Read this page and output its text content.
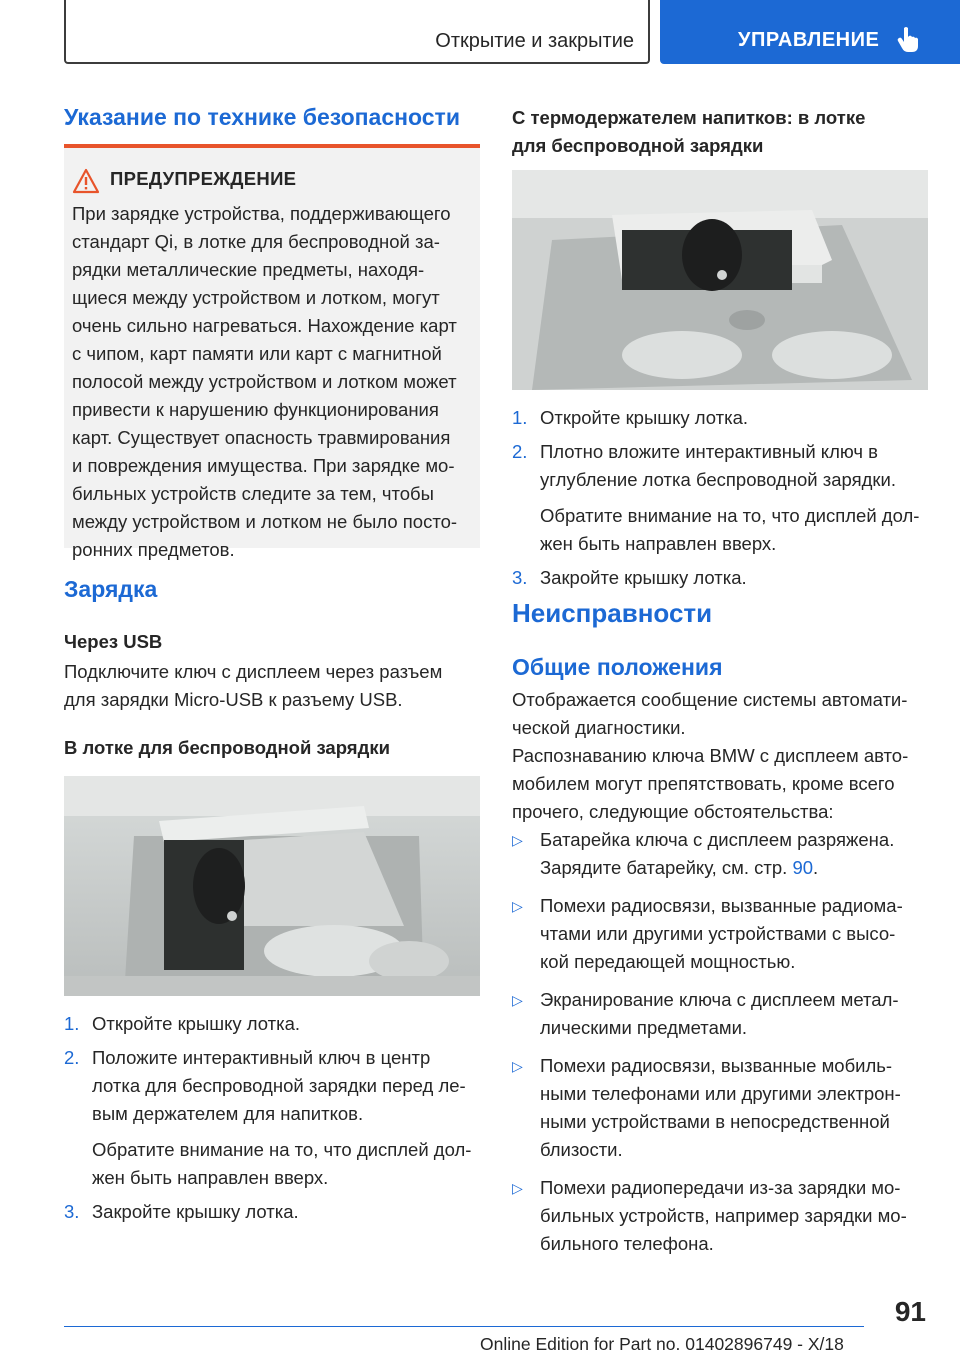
Открытие и закрытие	УПРАВЛЕНИЕ
Указание по технике безопасности
ПРЕДУПРЕЖДЕНИЕ

При зарядке устройства, поддерживающего

стандарт Qi, в лотке для беспроводной за-

рядки металлические предметы, находя-

щиеся между устройством и лотком, могут

очень сильно нагреваться. Нахождение карт

с чипом, карт памяти или карт с магнитной

полосой между устройством и лотком может

привести к нарушению функционирования

карт. Существует опасность травмирования

и повреждения имущества. При зарядке мо-

бильных устройств следите за тем, чтобы

между устройством и лотком не было посто-

ронних предметов.

Зарядка
Через USB

Подключите ключ с дисплеем через разъем

для зарядки Micro-USB к разъему USB.

В лотке для беспроводной зарядки
1. Откройте крышку лотка.
2. Положите интерактивный ключ в центр
лотка для беспроводной зарядки перед ле-
вым держателем для напитков.
Обратите внимание на то, что дисплей дол-
жен быть направлен вверх.
3. Закройте крышку лотка.

С термодержателем напитков: в лотке

для беспроводной зарядки

1. Откройте крышку лотка.
2. Плотно вложите интерактивный ключ в
углубление лотка беспроводной зарядки.
Обратите внимание на то, что дисплей дол-
жен быть направлен вверх.
3. Закройте крышку лотка.
Неисправности
Общие положения

Отображается сообщение системы автомати-

ческой диагностики.

Распознаванию ключа BMW с дисплеем авто-

мобилем могут препятствовать, кроме всего

прочего, следующие обстоятельства:

▷ Батарейка ключа с дисплеем разряжена.
Зарядите батарейку, см. стр. 90.
▷ Помехи радиосвязи, вызванные радиома-
чтами или другими устройствами с высо-
кой передающей мощностью.
▷ Экранирование ключа с дисплеем метал-
лическими предметами.
▷ Помехи радиосвязи, вызванные мобиль-
ными телефонами или другими электрон-
ными устройствами в непосредственной
близости.
▷ Помехи радиопередачи из-за зарядки мо-
бильных устройств, например зарядки мо-
бильного телефона.
91
Online Edition for Part no. 01402896749 - X/18
